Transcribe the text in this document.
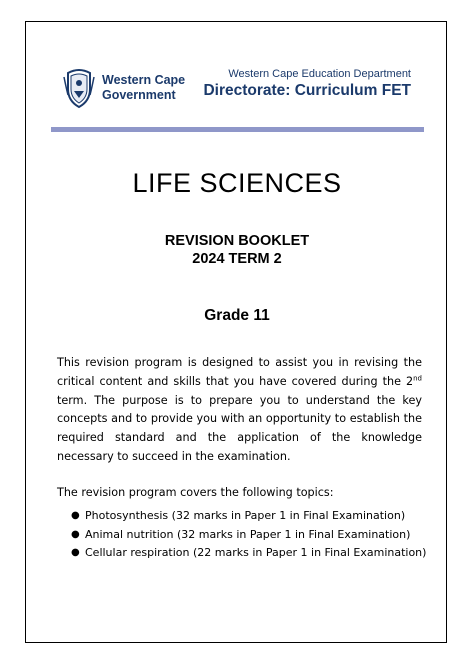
Western Cape
Government
Western Cape Education Department
Directorate: Curriculum FET
LIFE SCIENCES
REVISION BOOKLET
2024 TERM 2
Grade 11

This revision program is designed to assist you in revising the critical content and skills that you have covered during the 2nd term. The purpose is to prepare you to understand the key concepts and to provide you with an opportunity to establish the required standard and the application of the knowledge necessary to succeed in the examination.

The revision program covers the following topics:
● Photosynthesis (32 marks in Paper 1 in Final Examination)
● Animal nutrition (32 marks in Paper 1 in Final Examination)
● Cellular respiration (22 marks in Paper 1 in Final Examination)
